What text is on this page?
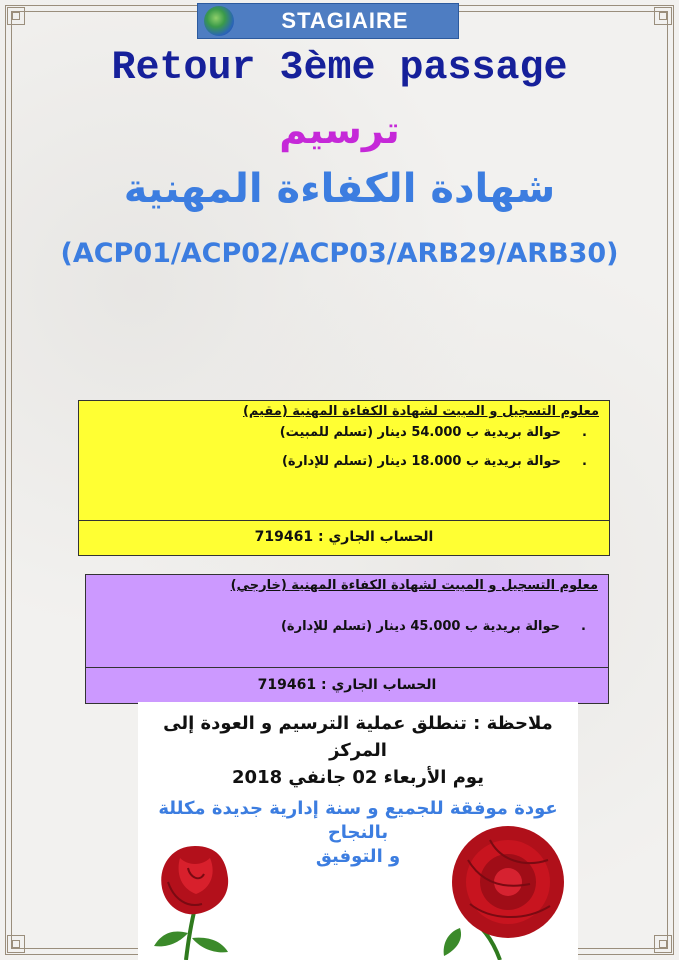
STAGIAIRE
Retour 3ème passage
ترسيم
شهادة الكفاءة المهنية
(ACP01/ACP02/ACP03/ARB29/ARB30)
معلوم التسجيل و المبيت لشهادة الكفاءة المهنية (مقيم)
.
حوالة بريدية ب 54.000 دينار (تسلم للمبيت)
.
حوالة بريدية ب 18.000 دينار (تسلم للإدارة)
الحساب الجاري : 719461
معلوم التسجيل و المبيت لشهادة الكفاءة المهنية (خارجي)
.
حوالة بريدية ب 45.000 دينار (تسلم للإدارة)
الحساب الجاري : 719461
ملاحظة : تنطلق عملية الترسيم و العودة إلى المركز
يوم الأربعاء 02 جانفي 2018
عودة موفقة للجميع و سنة إدارية جديدة مكللة بالنجاح
و التوفيق
